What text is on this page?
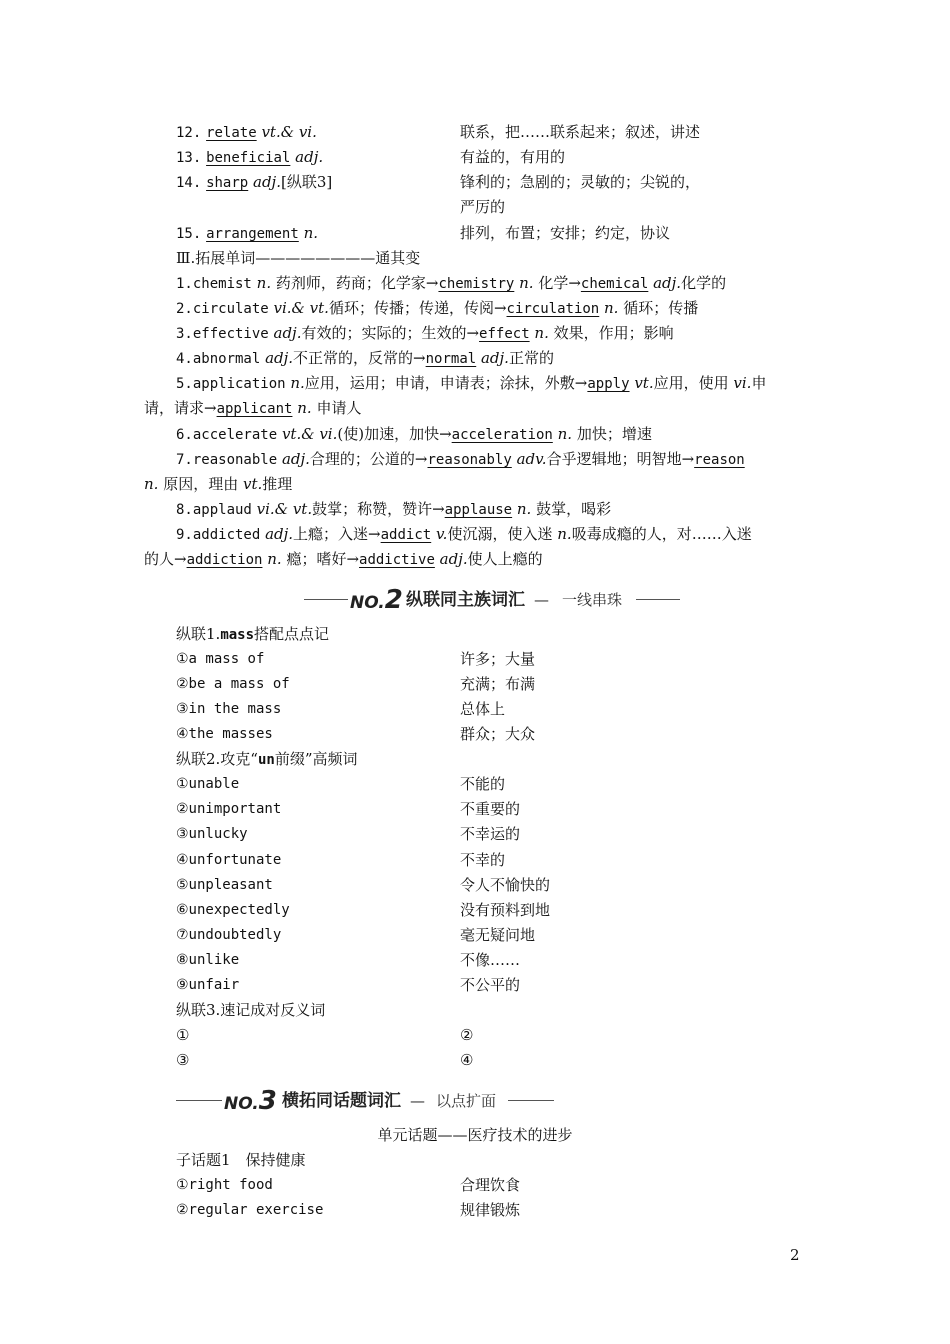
12. relate vt.& vi.	联系，把……联系起来；叙述，讲述
13. beneficial adj.	有益的，有用的
14. sharp adj.[纵联3]	锋利的；急剧的；灵敏的；尖锐的，
严厉的
15. arrangement n.	排列，布置；安排；约定，协议
Ⅲ.拓展单词————————通其变
1.chemist n. 药剂师，药商；化学家→chemistry n. 化学→chemical adj.化学的
2.circulate vi.& vt.循环；传播；传递，传阅→circulation n. 循环；传播
3.effective adj.有效的；实际的；生效的→effect n. 效果，作用；影响
4.abnormal adj.不正常的，反常的→normal adj.正常的
5.application n.应用，运用；申请，申请表；涂抹，外敷→apply vt.应用，使用 vi.申
请，请求→applicant n. 申请人
6.accelerate vt.& vi.(使)加速，加快→acceleration n. 加快；增速
7.reasonable adj.合理的；公道的→reasonably adv.合乎逻辑地；明智地→reason
n. 原因，理由 vt.推理
8.applaud vi.& vt.鼓掌；称赞，赞许→applause n. 鼓掌，喝彩
9.addicted adj.上瘾；入迷→addict v.使沉溺，使入迷 n.吸毒成瘾的人，对……入迷
的人→addiction n. 瘾；嗜好→addictive adj.使人上瘾的
NO.2 纵联同主族词汇 — 一线串珠
纵联1.mass搭配点点记
①a mass of	许多；大量
②be a mass of	充满；布满
③in the mass	总体上
④the masses	群众；大众
纵联2.攻克“un前缀”高频词
①unable	不能的
②unimportant	不重要的
③unlucky	不幸运的
④unfortunate	不幸的
⑤unpleasant	令人不愉快的
⑥unexpectedly	没有预料到地
⑦undoubtedly	毫无疑问地
⑧unlike	不像……
⑨unfair	不公平的
纵联3.速记成对反义词
①	②
③	④
NO.3 横拓同话题词汇 — 以点扩面
单元话题——医疗技术的进步
子话题1　保持健康
①right food	合理饮食
②regular exercise	规律锻炼
2
